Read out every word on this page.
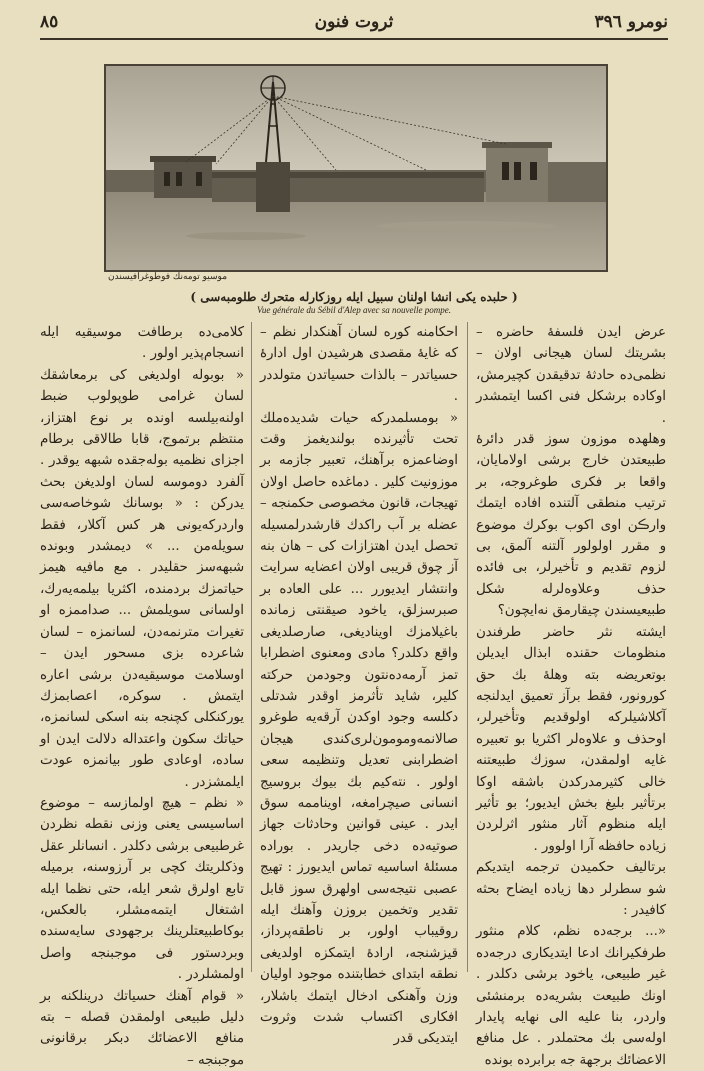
نومرو ٣٩٦
ثروت فنون
٨٥
موسيو تومه‌نك فوطوغرافيسندن
( حلبده يكى انشا اولنان سبيل ايله روزكارله متحرك طلومبه‌سى )
Vue générale du Sébil d'Alep avec sa nouvelle pompe.

عرض ايدن فلسفهٔ حاضره – بشريتك لسان هيجانى اولان – نظمى‌ده حادثهٔ تدقيقدن كچيرمش، اوكاده برشكل فنى اكسا ايتمشدر .

وهلهده موزون سوز قدر دائرهٔ طبيعتدن خارج برشى اولامايان، واقعا بر فكرى طوغروجه، بر ترتيب منطقى آلتنده افاده ايتمك وارڪن اوى اكوب بوكرك موضوع و مقرر اولولور آلتنه آلمق، بى لزوم تقديم و تأخيرلر، بى فائده حذف وعلاوه‌لرله شكل طبيعيسندن چيقارمق نه‌ايچون؟

ايشته نثر حاضر طرفندن منظومات حقنده ابذال ايديلن بوتعريضه بته وهلهٔ بك حق كورونور، فقط برآز تعميق ايدلنجه آكلاشيلركه اولوقديم وتأخيرلر، اوحذف و علاوه‌لر اكثريا بو تعبيره غايه اولمقدن، سوزك طبيعتنه خالى كثيرمدركدن باشقه اوكا برتأثير بليغ بخش ايديور؛ بو تأثير ايله منظوم آثار منثور اثرلردن زياده حافظه آرا اولوور .

برتاليف حكميدن ترجمه ايتديكم شو سطرلر دها زياده ايضاح بحثه كافيدر :

«... برجه‌ده نظم، كلام منثور طرفكيرانك ادعا ايتديكارى درجه‌ده غير طبيعى، ياخود برشى دكلدر . اونك طبيعت بشريه‌ده برمنشئى واردر، بنا علیه الى نهايه پايدار اوله‌سى بك محتملدر . عل منافع الاعضائك برجهة جه برابرده بونده

احكامنه كوره لسان آهنكدار نظم – كه غايهٔ مقصدى هرشيدن اول ادارهٔ حسياتدر – بالذات حسياتدن متولددر .

« بومسلمدركه حيات شديده‌ملك تحت تأثيرنده بولنديغمز وقت اوضاعمزه برآهنك، تعبير جازمه بر موزونيت كلير . دماغده حاصل اولان تهيجات، قانون مخصوصى حكمنجه – عضله بر آب راكدك قارشدرلمسيله تحصل ايدن اهتزازات كى – هان بنه آز چوق قريبى اولان اعضايه سرايت وانتشار ايديورر ... علی العاده بر صبرسزلق، ياخود صيقنتى زمانده باغيلامزك اويناديغى، صارصلديغى واقع دكلدر؟ مادى ومعنوى اضطرابا تمز آرمه‌ده‌نتون وجودمن حركته كلير، شايد تأثرمز اوقدر شدتلى دكلسه وجود اوكدن آرقه‌يه طوغرو صالانمه‌ومومون‌لرى‌كندى هيجان اضطرابنى تعديل وتنظيمه سعى اولور . نته‌كيم بك بيوك بروسيج انسانى صيچرامغه، اويناممه سوق ايدر . عينى قوانين وحادثات جهاز صوتيه‌ده دخى جاريدر . بوراده مسئلهٔ اساسيه تماس ايديورز : تهيج عصبى نتيجه‌سى اولهرق سوز قابل تقدير وتخمين بروزن وآهنك ايله روقيباب اولور، بر ناطقه‌پرداز، قيزشنجه، ارادهٔ ايتمكزه اولديغى نطقه ابتداى خطابتنده موجود اوليان وزن وآهنكى ادخال ايتمك باشلار، افكارى اكتساب شدت وثروت ايتديكى قدر

كلامى‌ده برطافت موسيقيه ايله انسجام‌پذير اولور .

« بوبوله اولديغى كى برمعاشقك لسان غرامى طوپولوب ضبط اولنه‌بيلسه اونده بر نوع اهتزاز، منتظم برتموج، قابا طالاقى برطام اجزاى نظميه بوله‌جقده شبهه يوقدر . آلفرد دوموسه لسان اولديغن بحث يدركن : « بوسانك شوخاصه‌سى واردركه‌يونى هر كس آكلار، فقط سويله‌من ... » ديمشدر وبونده شبهه‌سز حقليدر . مع مافيه هيمز حياتمزك بردمنده، اكثريا بيلمه‌يه‌رك، اولسانى سويلمش ... صداممزه او تغيرات مترنمه‌دن، لسانمزه – لسان شاعرده بزى مسحور ايدن – اوسلامت موسيقيه‌دن برشى اعاره ايتمش . سوكره، اعصابمزك يوركنكلى كچنجه بنه اسكى لسانمزه، حياتك سكون واعتداله دلالت ايدن او ساده، اوعادى طور بيانمزه عودت ايلمشزدر .

« نظم – هيچ اولمازسه – موضوع اساسيسى يعنى وزنى نقطه نظردن غرطبيعى برشى دكلدر . انسانلر عقل وذكلريتك كچى بر آرزوسنه، برميله تابع اولرق شعر ايله، حتى نظما ايله اشتغال ايتمه‌مشلر، بالعكس، بوكاطبيعتلرينك برجهودى سايه‌سنده وبردستور فى موجبنجه واصل اولمشلردر .

« قوام آهنك حسياتك درينلكنه بر دليل طبيعى اولمقدن قصله – بته منافع الاعضائك دبكر برقانونى موجبنجه –
